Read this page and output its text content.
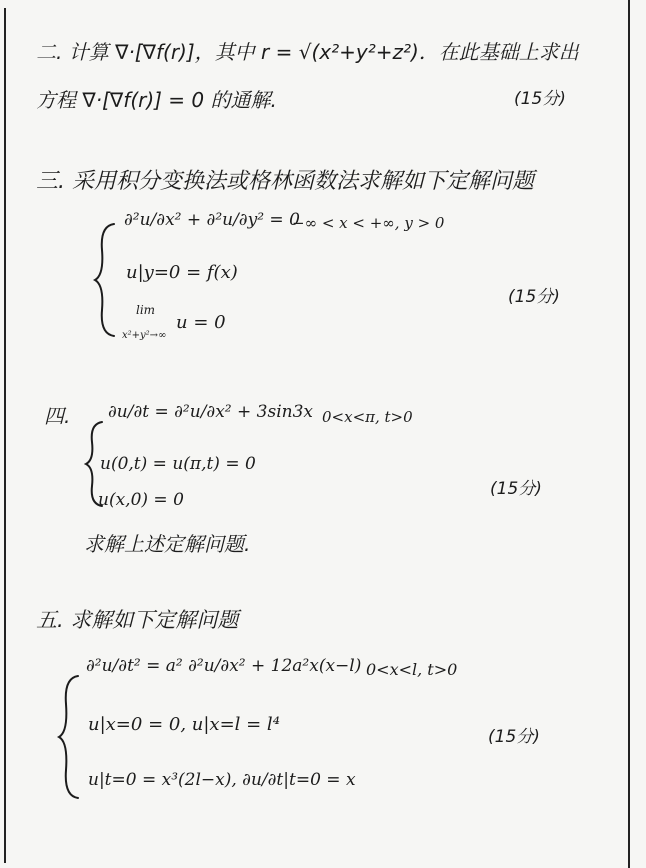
二. 计算 ∇·[∇f(r)]，其中 r = √(x²+y²+z²)．在此基础上求出
方程 ∇·[∇f(r)] = 0 的通解.	(15分)
三. 采用积分变换法或格林函数法求解如下定解问题
∂²u/∂x² + ∂²u/∂y² = 0
−∞ < x < +∞, y > 0
u|y=0 = f(x)
lim
x²+y²→∞
u = 0
(15分)
四. ∂u/∂t = ∂²u/∂x² + 3sin3x 0<x<π, t>0
u(0,t) = u(π,t) = 0
u(x,0) = 0
(15分)
求解上述定解问题.
五. 求解如下定解问题
∂²u/∂t² = a² ∂²u/∂x² + 12a²x(x−l) 0<x<l, t>0
u|x=0 = 0, u|x=l = l⁴
u|t=0 = x³(2l−x), ∂u/∂t|t=0 = x
(15分)
